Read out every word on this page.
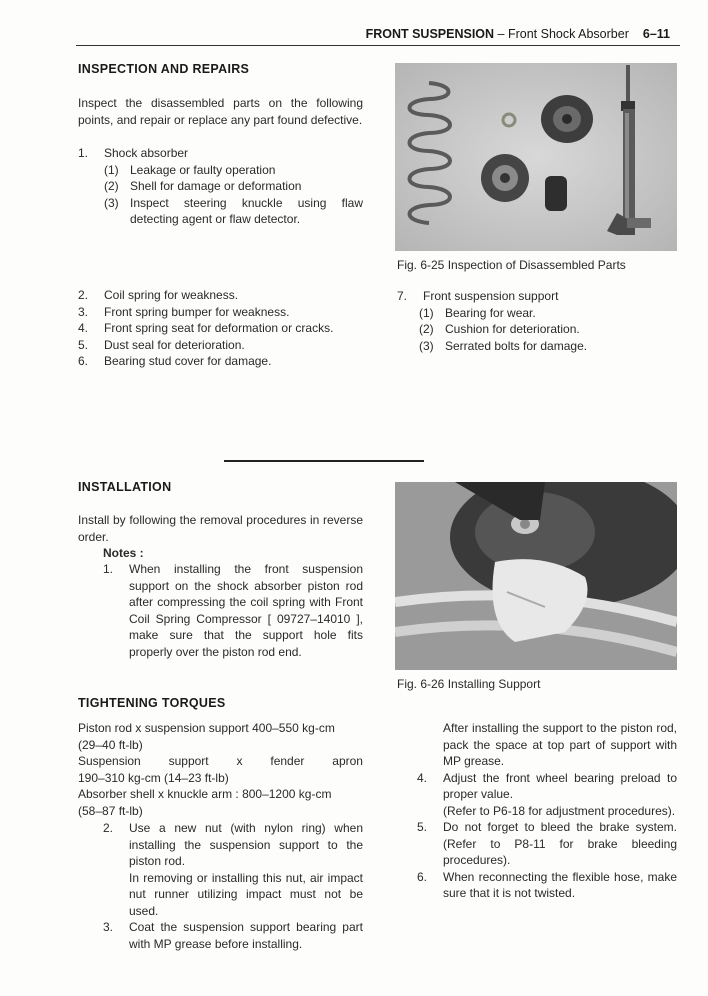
FRONT SUSPENSION – Front Shock Absorber 6–11
INSPECTION AND REPAIRS
Inspect the disassembled parts on the following points, and repair or replace any part found defective.
1.	Shock absorber
(1) Leakage or faulty operation
(2) Shell for damage or deformation
(3) Inspect steering knuckle using flaw detecting agent or flaw detector.
2.	Coil spring for weakness.
3.	Front spring bumper for weakness.
4.	Front spring seat for deformation or cracks.
5.	Dust seal for deterioration.
6.	Bearing stud cover for damage.
Fig. 6-25 Inspection of Disassembled Parts
7.	Front suspension support
(1) Bearing for wear.
(2) Cushion for deterioration.
(3) Serrated bolts for damage.
INSTALLATION
Install by following the removal procedures in reverse order.
Notes :
1.	When installing the front suspension support on the shock absorber piston rod after compressing the coil spring with Front Coil Spring Compressor [ 09727–14010 ], make sure that the support hole fits properly over the piston rod end.
Fig. 6-26 Installing Support
TIGHTENING TORQUES
Piston rod x suspension support 400–550 kg-cm
(29–40 ft-lb)
Suspension support x fender apron
190–310 kg-cm (14–23 ft-lb)
Absorber shell x knuckle arm : 800–1200 kg-cm
(58–87 ft-lb)
2.	Use a new nut (with nylon ring) when installing the suspension support to the piston rod.
In removing or installing this nut, air impact nut runner utilizing impact must not be used.
3.	Coat the suspension support bearing part with MP grease before installing.
After installing the support to the piston rod, pack the space at top part of support with MP grease.
4.	Adjust the front wheel bearing preload to proper value.
(Refer to P6-18 for adjustment procedures).
5.	Do not forget to bleed the brake system. (Refer to P8-11 for brake bleeding procedures).
6.	When reconnecting the flexible hose, make sure that it is not twisted.
